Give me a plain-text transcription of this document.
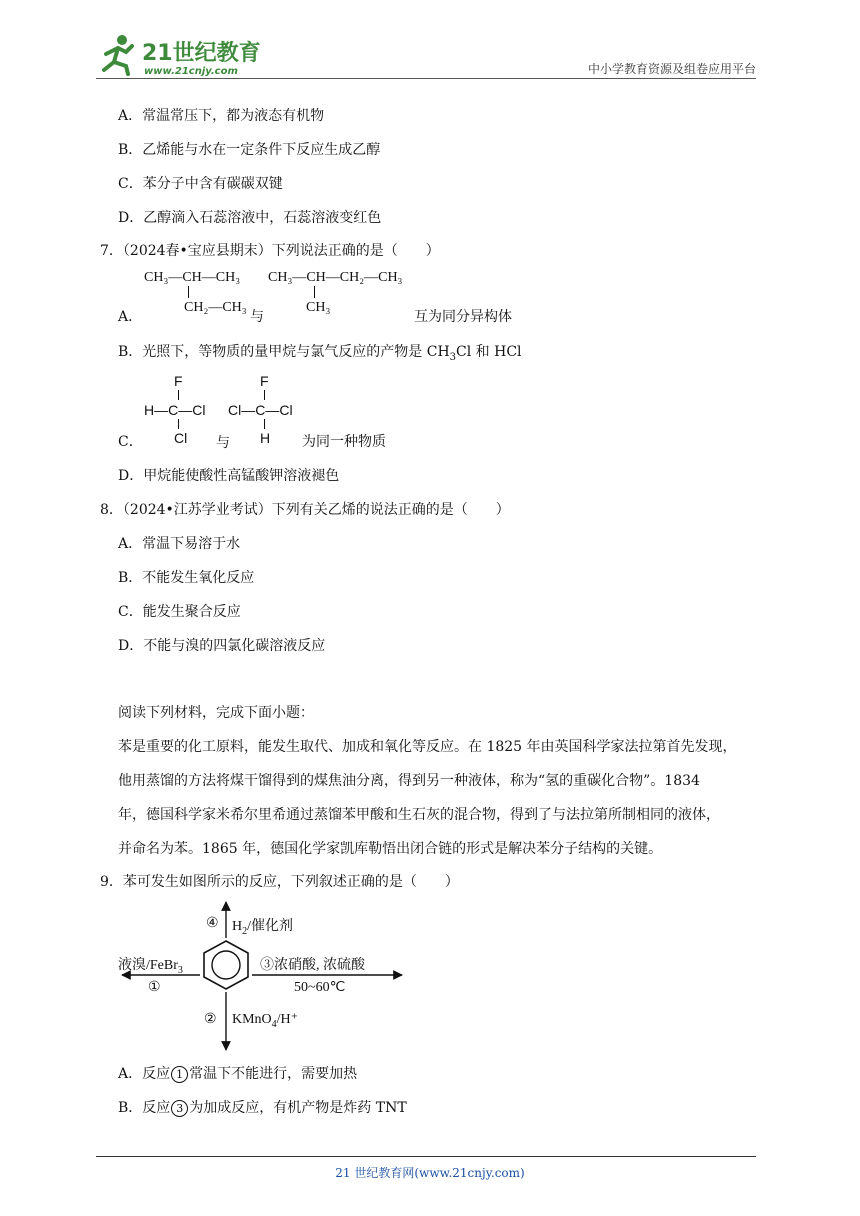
21世纪教育
www.21cnjy.com	中小学教育资源及组卷应用平台
A．常温常压下，都为液态有机物
B．乙烯能与水在一定条件下反应生成乙醇
C．苯分子中含有碳碳双键
D．乙醇滴入石蕊溶液中，石蕊溶液变红色
7．（2024春•宝应县期末）下列说法正确的是（　　）
A．
CH₃—CH—CH₃
CH₂—CH₃
与
CH₃—CH—CH₂—CH₃
CH₃
互为同分异构体
B．光照下，等物质的量甲烷与氯气反应的产物是 $CH_3Cl$ 和 HCl
C．
F
H—C—Cl
Cl 与
F
Cl—C—Cl
H 为同一种物质
D．甲烷能使酸性高锰酸钾溶液褪色
8．（2024•江苏学业考试）下列有关乙烯的说法正确的是（　　）
A．常温下易溶于水
B．不能发生氧化反应
C．能发生聚合反应
D．不能与溴的四氯化碳溶液反应
阅读下列材料，完成下面小题：
苯是重要的化工原料，能发生取代、加成和氧化等反应。在 1825 年由英国科学家法拉第首先发现，
他用蒸馏的方法将煤干馏得到的煤焦油分离，得到另一种液体，称为“氢的重碳化合物”。1834
年，德国科学家米希尔里希通过蒸馏苯甲酸和生石灰的混合物，得到了与法拉第所制相同的液体，
并命名为苯。1865 年，德国化学家凯库勒悟出闭合链的形式是解决苯分子结构的关键。
9．苯可发生如图所示的反应，下列叙述正确的是（　　）
④ $H_2/$催化剂
液溴/FeBr$_3$
①
③浓硝酸, 浓硫酸
50~60℃
② KMnO$_4$/H⁺
A．反应 1 常温下不能进行，需要加热
B．反应 3 为加成反应，有机产物是炸药 TNT
21 世纪教育网(www.21cnjy.com)
